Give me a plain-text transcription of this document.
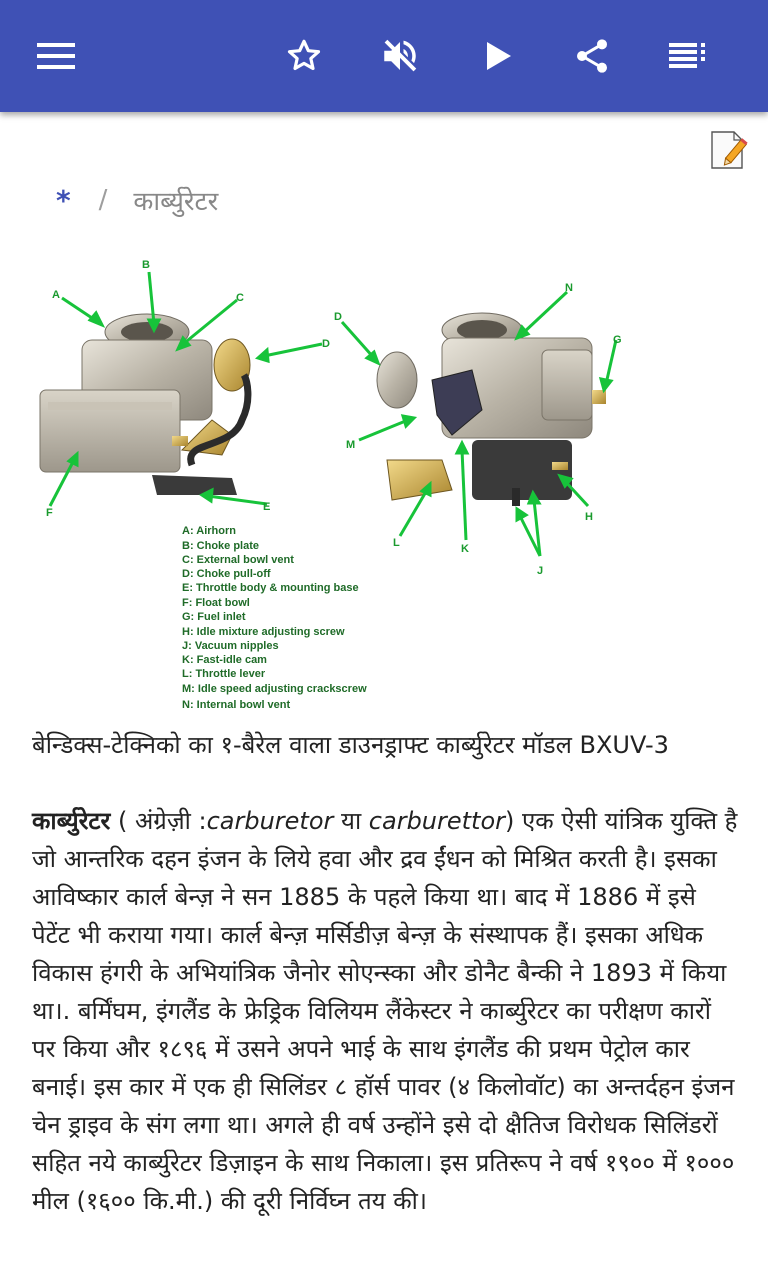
* / कार्ब्युरेटर
A
B
C
D
E
F
D
N
G
H
M
L	K
J
A: Airhorn
B: Choke plate
C: External bowl vent
D: Choke pull-off
E: Throttle body & mounting base
F: Float bowl
G: Fuel inlet
H: Idle mixture adjusting screw
J: Vacuum nipples
K: Fast-idle cam
L: Throttle lever
M: Idle speed adjusting crackscrew
N: Internal bowl vent
बेन्डिक्स-टेक्निको का १-बैरेल वाला डाउनड्राफ्ट कार्ब्युरेटर मॉडल BXUV-3

कार्ब्युरेटर ( अंग्रेज़ी :carburetor या carburettor) एक ऐसी यांत्रिक युक्ति है जो आन्तरिक दहन इंजन के लिये हवा और द्रव ईंधन को मिश्रित करती है। इसका आविष्कार कार्ल बेन्ज़ ने सन 1885 के पहले किया था। बाद में 1886 में इसे पेटेंट भी कराया गया। कार्ल बेन्ज़ मर्सिडीज़ बेन्ज़ के संस्थापक हैं। इसका अधिक विकास हंगरी के अभियांत्रिक जैनोर सोएन्स्का और डोनैट बैन्की ने 1893 में किया था।. बर्मिंघम, इंगलैंड के फ्रेड्रिक विलियम लैंकेस्टर ने कार्ब्युरेटर का परीक्षण कारों पर किया और १८९६ में उसने अपने भाई के साथ इंगलैंड की प्रथम पेट्रोल कार बनाई। इस कार में एक ही सिलिंडर ८ हॉर्स पावर (४ किलोवॉट) का अन्तर्दहन इंजन चेन ड्राइव के संग लगा था। अगले ही वर्ष उन्होंने इसे दो क्षैतिज विरोधक सिलिंडरों सहित नये कार्ब्युरेटर डिज़ाइन के साथ निकाला। इस प्रतिरूप ने वर्ष १९०० में १००० मील (१६०० कि.मी.) की दूरी निर्विघ्न तय की।
